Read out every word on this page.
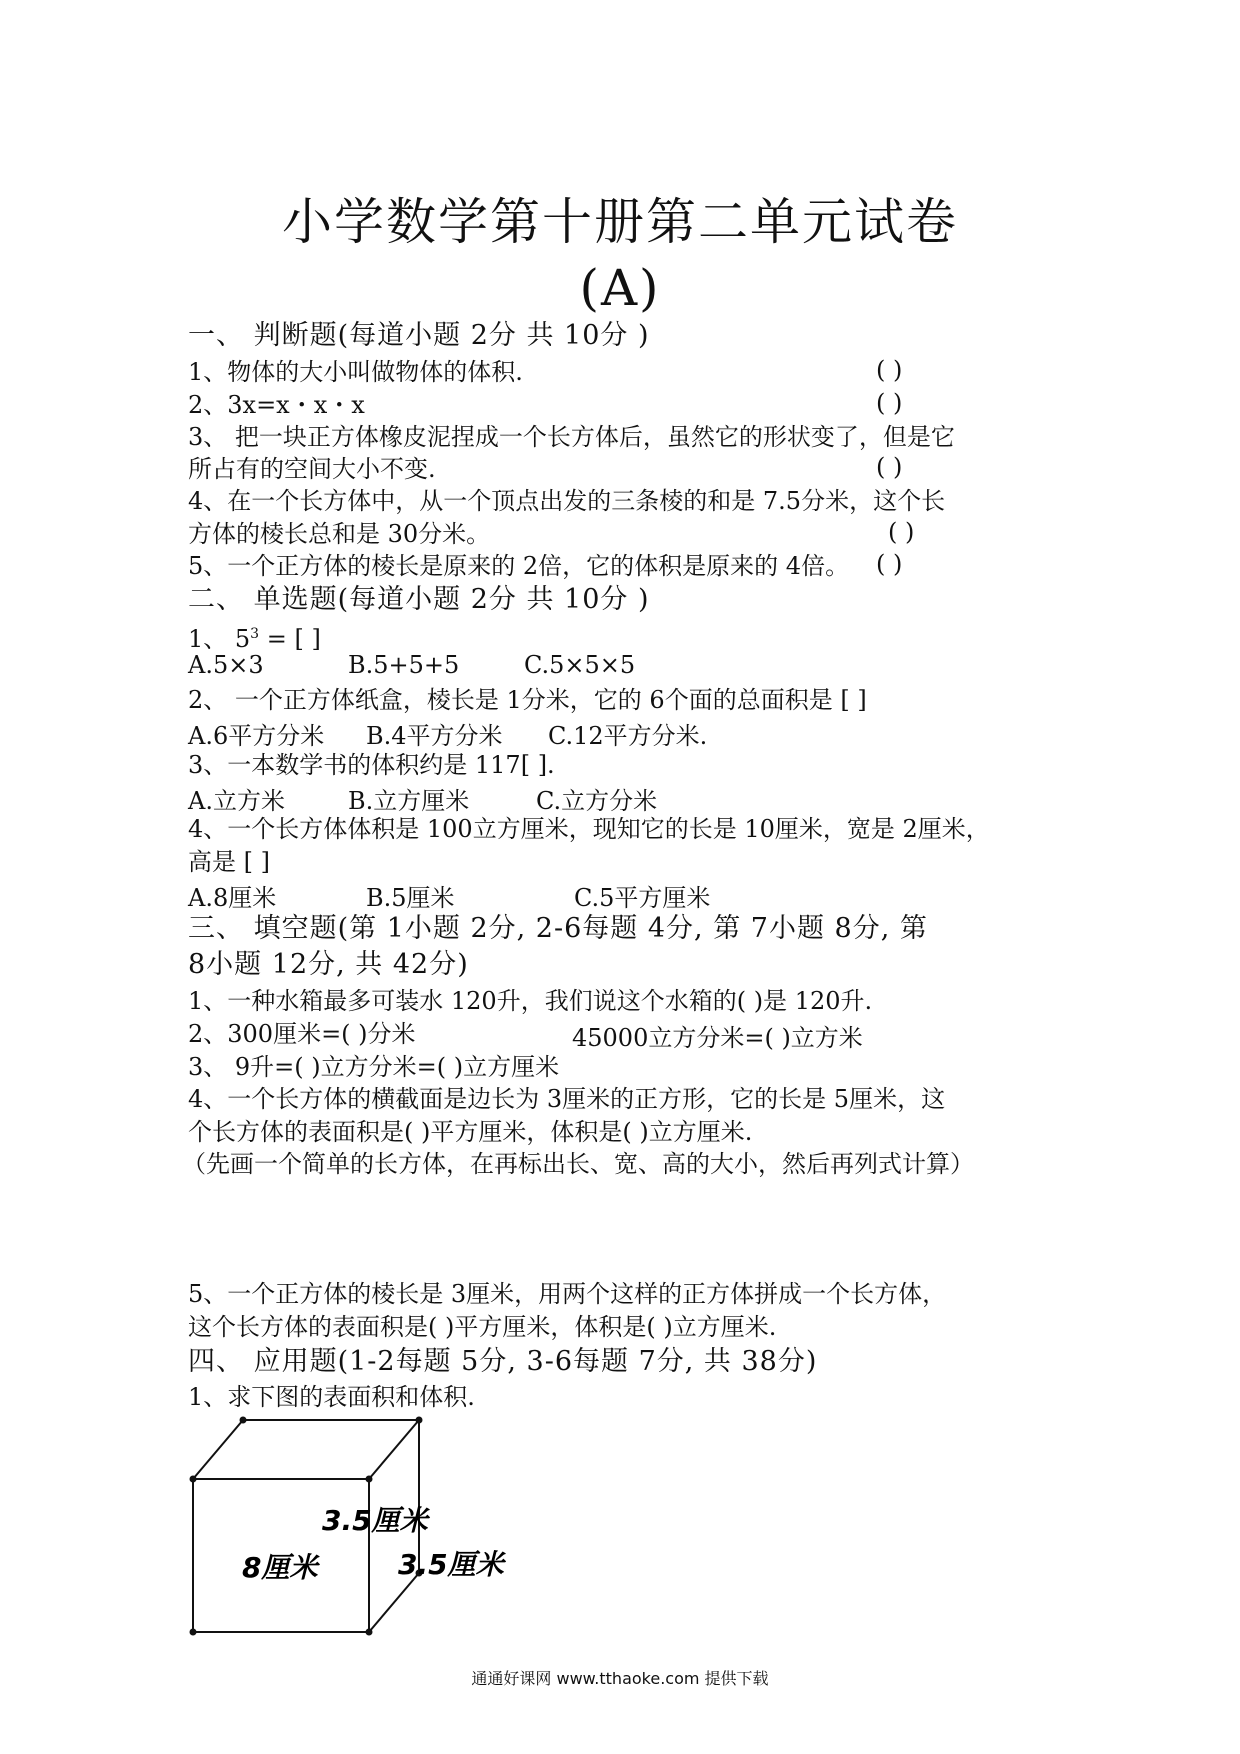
小学数学第十册第二单元试卷
(A)
一、 判断题(每道小题 2分 共 10分 )
1、物体的大小叫做物体的体积.	( )
2、3x=x・x・x	( )
3、 把一块正方体橡皮泥捏成一个长方体后，虽然它的形状变了，但是它
所占有的空间大小不变.	( )
4、在一个长方体中，从一个顶点出发的三条棱的和是 7.5分米，这个长
方体的棱长总和是 30分米。	( )
5、一个正方体的棱长是原来的 2倍，它的体积是原来的 4倍。 ( )
二、 单选题(每道小题 2分 共 10分 )
1、 $5^3$ = [ ]
A.5×3	B.5+5+5	C.5×5×5
2、 一个正方体纸盒，棱长是 1分米，它的 6个面的总面积是 [ ]
A.6平方分米 B.4平方分米 C.12平方分米.
3、一本数学书的体积约是 117[ ].
A.立方米	B.立方厘米	C.立方分米
4、一个长方体体积是 100立方厘米，现知它的长是 10厘米，宽是 2厘米，
高是 [ ]
A.8厘米	B.5厘米	C.5平方厘米
三、 填空题(第 1小题 2分, 2-6每题 4分, 第 7小题 8分, 第
8小题 12分, 共 42分)
1、一种水箱最多可装水 120升，我们说这个水箱的( )是 120升.
2、300厘米=( )分米	45000立方分米=( )立方米
3、 9升=( )立方分米=( )立方厘米
4、一个长方体的横截面是边长为 3厘米的正方形，它的长是 5厘米，这
个长方体的表面积是( )平方厘米，体积是( )立方厘米.
（先画一个简单的长方体，在再标出长、宽、高的大小，然后再列式计算）
5、一个正方体的棱长是 3厘米，用两个这样的正方体拼成一个长方体，
这个长方体的表面积是( )平方厘米，体积是( )立方厘米.
四、 应用题(1-2每题 5分, 3-6每题 7分, 共 38分)
1、求下图的表面积和体积.
3.5厘米
8厘米	3.5厘米
通通好课网 www.tthaoke.com 提供下载
